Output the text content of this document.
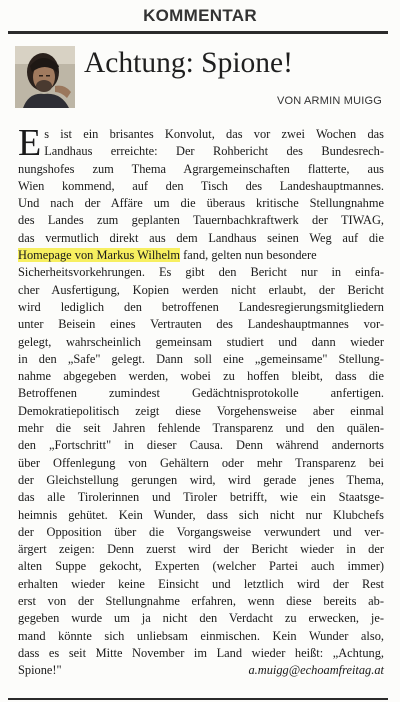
KOMMENTAR
Achtung: Spione!
VON ARMIN MUIGG
E s ist ein brisantes Konvolut, das vor zwei Wochen das
Landhaus erreichte: Der Rohbericht des Bundesrech-
nungshofes zum Thema Agrargemeinschaften flatterte, aus
Wien kommend, auf den Tisch des Landeshauptmannes.
Und nach der Affäre um die überaus kritische Stellungnahme
des Landes zum geplanten Tauernbachkraftwerk der TIWAG,
das vermutlich direkt aus dem Landhaus seinen Weg auf die
Homepage von Markus Wilhelm fand, gelten nun besondere
Sicherheitsvorkehrungen. Es gibt den Bericht nur in einfa-
cher Ausfertigung, Kopien werden nicht erlaubt, der Bericht
wird lediglich den betroffenen Landesregierungsmitgliedern
unter Beisein eines Vertrauten des Landeshauptmannes vor-
gelegt, wahrscheinlich gemeinsam studiert und dann wieder
in den „Safe" gelegt. Dann soll eine „gemeinsame" Stellung-
nahme abgegeben werden, wobei zu hoffen bleibt, dass die
Betroffenen zumindest Gedächtnisprotokolle anfertigen.
Demokratiepolitisch zeigt diese Vorgehensweise aber einmal
mehr die seit Jahren fehlende Transparenz und den quälen-
den „Fortschritt" in dieser Causa. Denn während andernorts
über Offenlegung von Gehältern oder mehr Transparenz bei
der Gleichstellung gerungen wird, wird gerade jenes Thema,
das alle Tirolerinnen und Tiroler betrifft, wie ein Staatsge-
heimnis gehütet. Kein Wunder, dass sich nicht nur Klubchefs
der Opposition über die Vorgangsweise verwundert und ver-
ärgert zeigen: Denn zuerst wird der Bericht wieder in der
alten Suppe gekocht, Experten (welcher Partei auch immer)
erhalten wieder keine Einsicht und letztlich wird der Rest
erst von der Stellungnahme erfahren, wenn diese bereits ab-
gegeben wurde um ja nicht den Verdacht zu erwecken, je-
mand könnte sich unliebsam einmischen. Kein Wunder also,
dass es seit Mitte November im Land wieder heißt: „Achtung,
Spione!"	a.muigg@echoamfreitag.at
